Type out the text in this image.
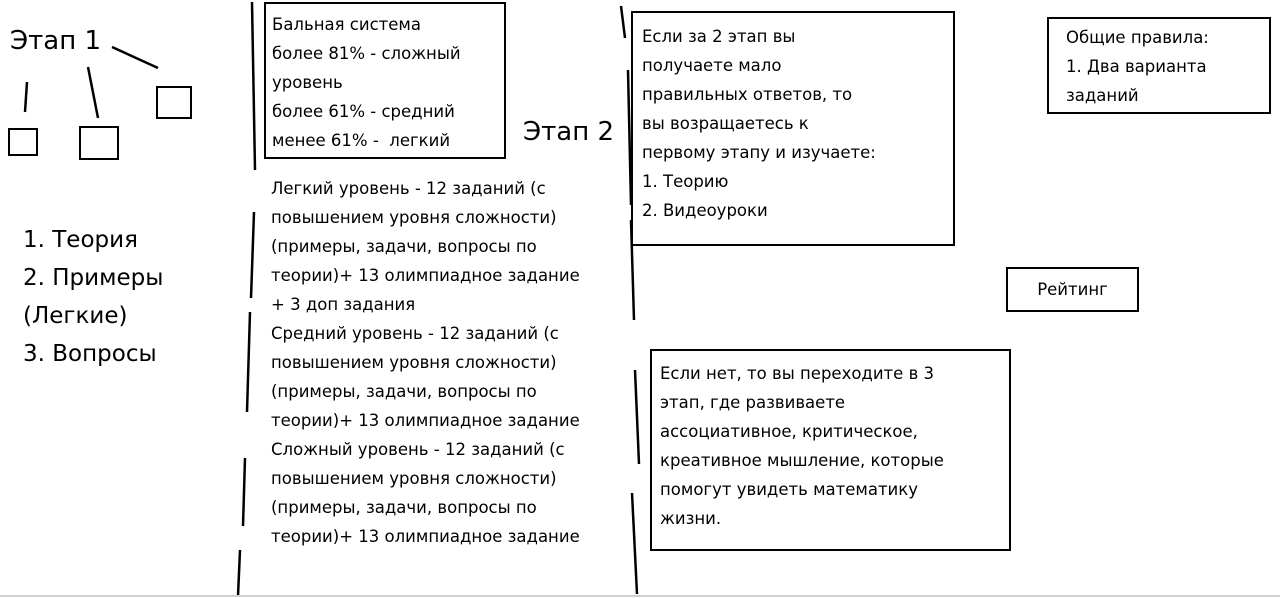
Этап 1
1. Теория
2. Примеры
(Легкие)
3. Вопросы
Бальная система
более 81% - сложный
уровень
более 61% - средний
менее 61% -  легкий	Этап 2
Легкий уровень - 12 заданий (с
повышением уровня сложности)
(примеры, задачи, вопросы по
теории)+ 13 олимпиадное задание
+ 3 доп задания
Средний уровень - 12 заданий (с
повышением уровня сложности)
(примеры, задачи, вопросы по
теории)+ 13 олимпиадное задание
Сложный уровень - 12 заданий (с
повышением уровня сложности)
(примеры, задачи, вопросы по
теории)+ 13 олимпиадное задание
Если за 2 этап вы
получаете мало
правильных ответов, то
вы возращаетесь к
первому этапу и изучаете:
1. Теорию
2. Видеоуроки
Если нет, то вы переходите в 3
этап, где развиваете
ассоциативное, критическое,
креативное мышление, которые
помогут увидеть математику
жизни.
Общие правила:
1. Два варианта
заданий
Рейтинг
